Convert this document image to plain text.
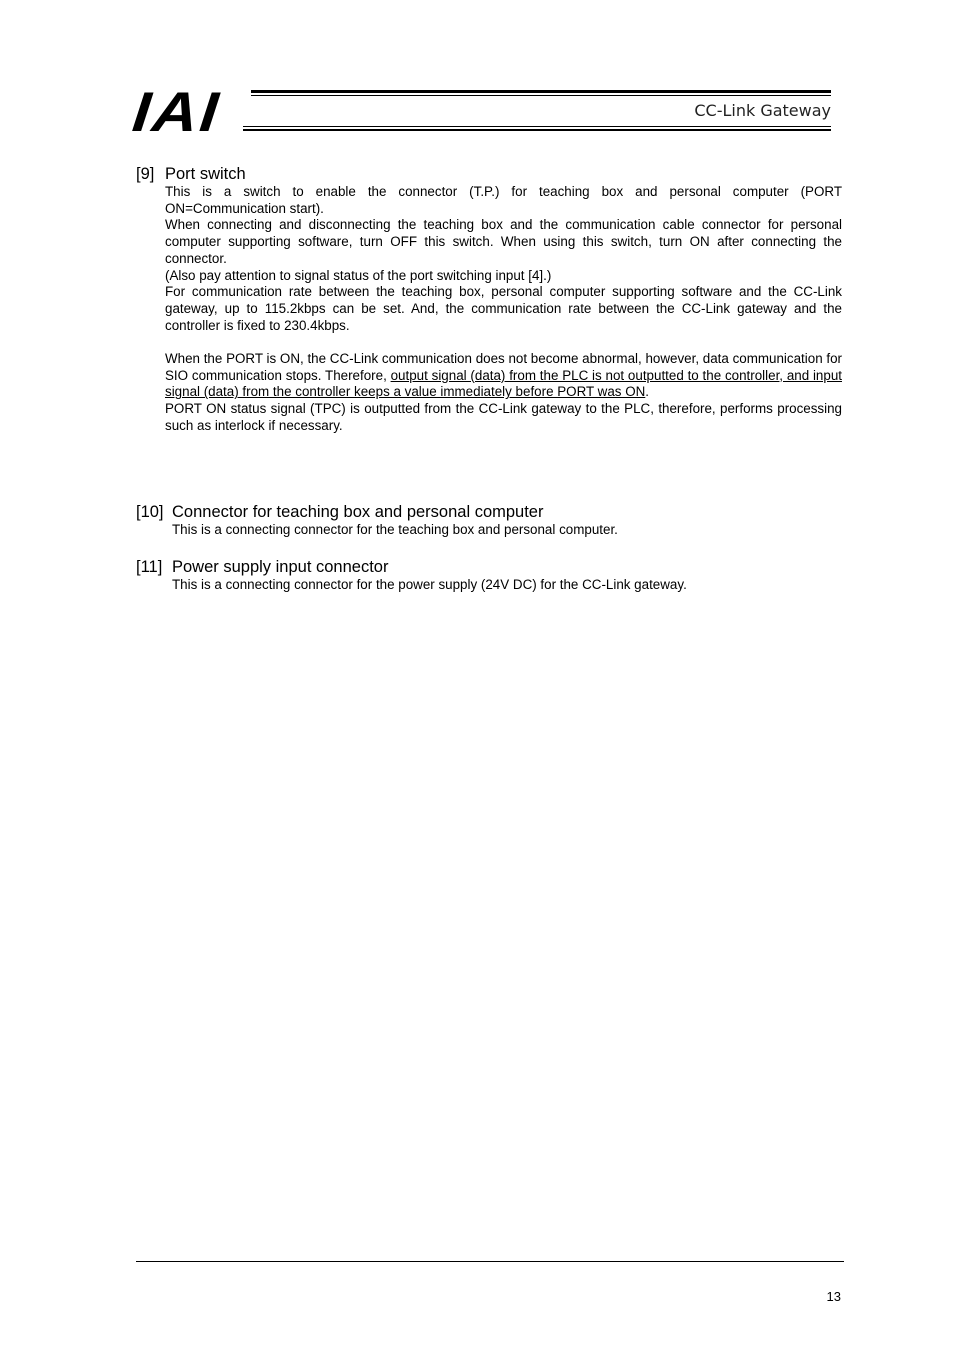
IAI	CC-Link Gateway
[9] Port switch

This is a switch to enable the connector (T.P.) for teaching box and personal computer (PORT ON=Communication start).

When connecting and disconnecting the teaching box and the communication cable connector for personal computer supporting software, turn OFF this switch. When using this switch, turn ON after connecting the connector.

(Also pay attention to signal status of the port switching input [4].)

For communication rate between the teaching box, personal computer supporting software and the CC-Link gateway, up to 115.2kbps can be set. And, the communication rate between the CC-Link gateway and the controller is fixed to 230.4kbps.

When the PORT is ON, the CC-Link communication does not become abnormal, however, data communication for SIO communication stops. Therefore, output signal (data) from the PLC is not outputted to the controller, and input signal (data) from the controller keeps a value immediately before PORT was ON.

PORT ON status signal (TPC) is outputted from the CC-Link gateway to the PLC, therefore, performs processing such as interlock if necessary.

[10] Connector for teaching box and personal computer

This is a connecting connector for the teaching box and personal computer.

[11] Power supply input connector

This is a connecting connector for the power supply (24V DC) for the CC-Link gateway.

13
